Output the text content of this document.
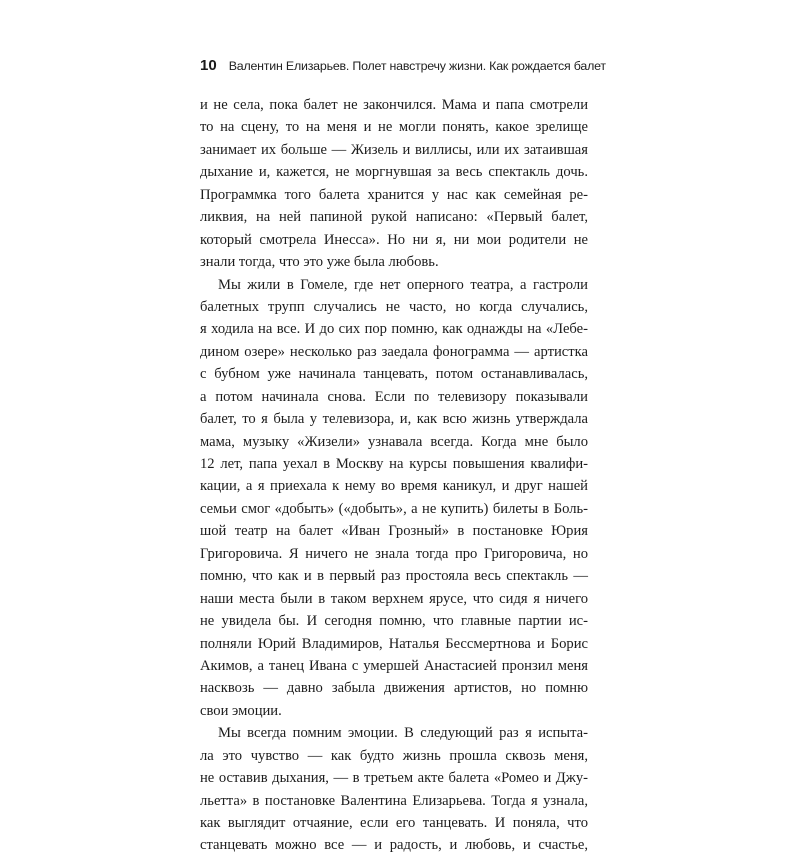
10 Валентин Елизарьев. Полет навстречу жизни. Как рождается балет
и не села, пока балет не закончился. Мама и папа смотрели
то на сцену, то на меня и не могли понять, какое зрелище
занимает их больше — Жизель и виллисы, или их затаившая
дыхание и, кажется, не моргнувшая за весь спектакль дочь.
Программка того балета хранится у нас как семейная ре-
ликвия, на ней папиной рукой написано: «Первый балет,
который смотрела Инесса». Но ни я, ни мои родители не
знали тогда, что это уже была любовь.
Мы жили в Гомеле, где нет оперного театра, а гастроли
балетных трупп случались не часто, но когда случались,
я ходила на все. И до сих пор помню, как однажды на «Лебе-
дином озере» несколько раз заедала фонограмма — артистка
с бубном уже начинала танцевать, потом останавливалась,
а потом начинала снова. Если по телевизору показывали
балет, то я была у телевизора, и, как всю жизнь утверждала
мама, музыку «Жизели» узнавала всегда. Когда мне было
12 лет, папа уехал в Москву на курсы повышения квалифи-
кации, а я приехала к нему во время каникул, и друг нашей
семьи смог «добыть» («добыть», а не купить) билеты в Боль-
шой театр на балет «Иван Грозный» в постановке Юрия
Григоровича. Я ничего не знала тогда про Григоровича, но
помню, что как и в первый раз простояла весь спектакль —
наши места были в таком верхнем ярусе, что сидя я ничего
не увидела бы. И сегодня помню, что главные партии ис-
полняли Юрий Владимиров, Наталья Бессмертнова и Борис
Акимов, а танец Ивана с умершей Анастасией пронзил меня
насквозь — давно забыла движения артистов, но помню
свои эмоции.
Мы всегда помним эмоции. В следующий раз я испыта-
ла это чувство — как будто жизнь прошла сквозь меня,
не оставив дыхания, — в третьем акте балета «Ромео и Джу-
льетта» в постановке Валентина Елизарьева. Тогда я узнала,
как выглядит отчаяние, если его танцевать. И поняла, что
станцевать можно все — и радость, и любовь, и счастье,
